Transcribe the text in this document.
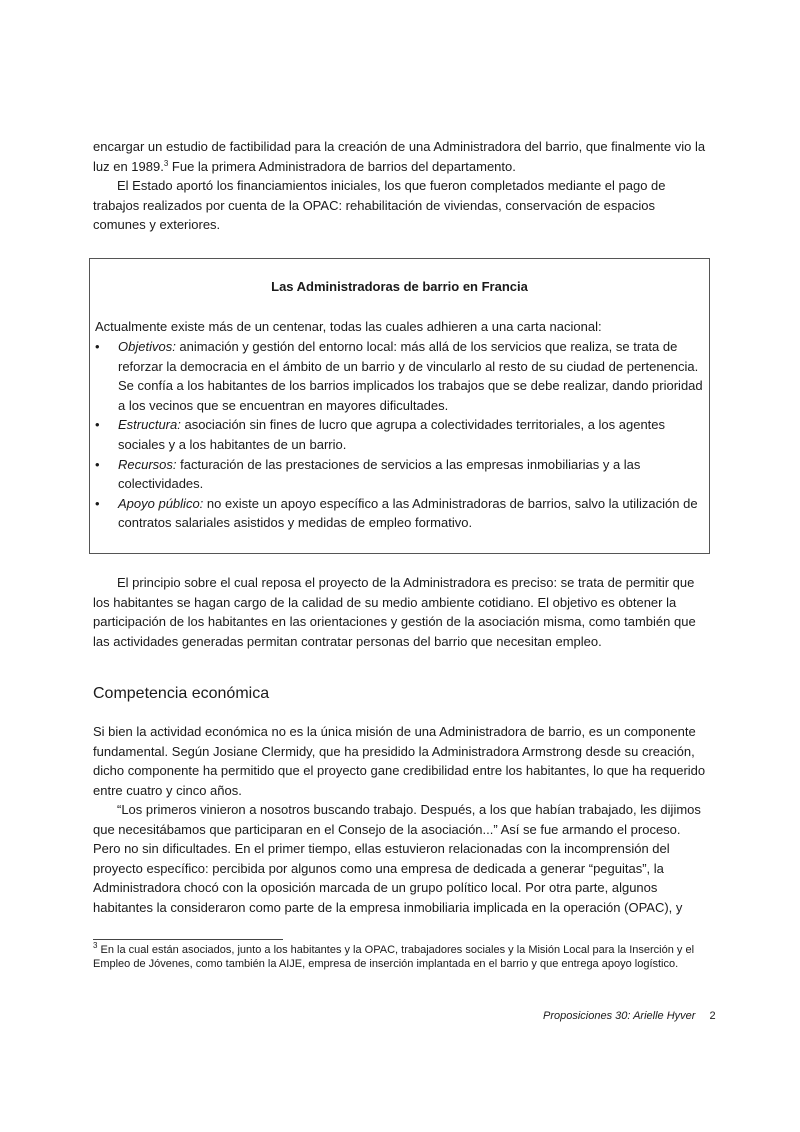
encargar un estudio de factibilidad para la creación de una Administradora del barrio, que finalmente vio la luz en 1989.$^3$ Fue la primera Administradora de barrios del departamento.

El Estado aportó los financiamientos iniciales, los que fueron completados mediante el pago de trabajos realizados por cuenta de la OPAC: rehabilitación de viviendas, conservación de espacios comunes y exteriores.

Las Administradoras de barrio en Francia

Actualmente existe más de un centenar, todas las cuales adhieren a una carta nacional:

• Objetivos: animación y gestión del entorno local: más allá de los servicios que realiza, se trata de reforzar la democracia en el ámbito de un barrio y de vincularlo al resto de su ciudad de pertenencia. Se confía a los habitantes de los barrios implicados los trabajos que se debe realizar, dando prioridad a los vecinos que se encuentran en mayores dificultades.
• Estructura: asociación sin fines de lucro que agrupa a colectividades territoriales, a los agentes sociales y a los habitantes de un barrio.
• Recursos: facturación de las prestaciones de servicios a las empresas inmobiliarias y a las colectividades.
• Apoyo público: no existe un apoyo específico a las Administradoras de barrios, salvo la utilización de contratos salariales asistidos y medidas de empleo formativo.

El principio sobre el cual reposa el proyecto de la Administradora es preciso: se trata de permitir que los habitantes se hagan cargo de la calidad de su medio ambiente cotidiano. El objetivo es obtener la participación de los habitantes en las orientaciones y gestión de la asociación misma, como también que las actividades generadas permitan contratar personas del barrio que necesitan empleo.

Competencia económica

Si bien la actividad económica no es la única misión de una Administradora de barrio, es un componente fundamental. Según Josiane Clermidy, que ha presidido la Administradora Armstrong desde su creación, dicho componente ha permitido que el proyecto gane credibilidad entre los habitantes, lo que ha requerido entre cuatro y cinco años.

“Los primeros vinieron a nosotros buscando trabajo. Después, a los que habían trabajado, les dijimos que necesitábamos que participaran en el Consejo de la asociación...” Así se fue armando el proceso. Pero no sin dificultades. En el primer tiempo, ellas estuvieron relacionadas con la incomprensión del proyecto específico: percibida por algunos como una empresa de dedicada a generar “peguitas”, la Administradora chocó con la oposición marcada de un grupo político local. Por otra parte, algunos habitantes la consideraron como parte de la empresa inmobiliaria implicada en la operación (OPAC), y

$^3$ En la cual están asociados, junto a los habitantes y la OPAC, trabajadores sociales y la Misión Local para la Inserción y el Empleo de Jóvenes, como también la AIJE, empresa de inserción implantada en el barrio y que entrega apoyo logístico.

Proposiciones 30: Arielle Hyver 2
